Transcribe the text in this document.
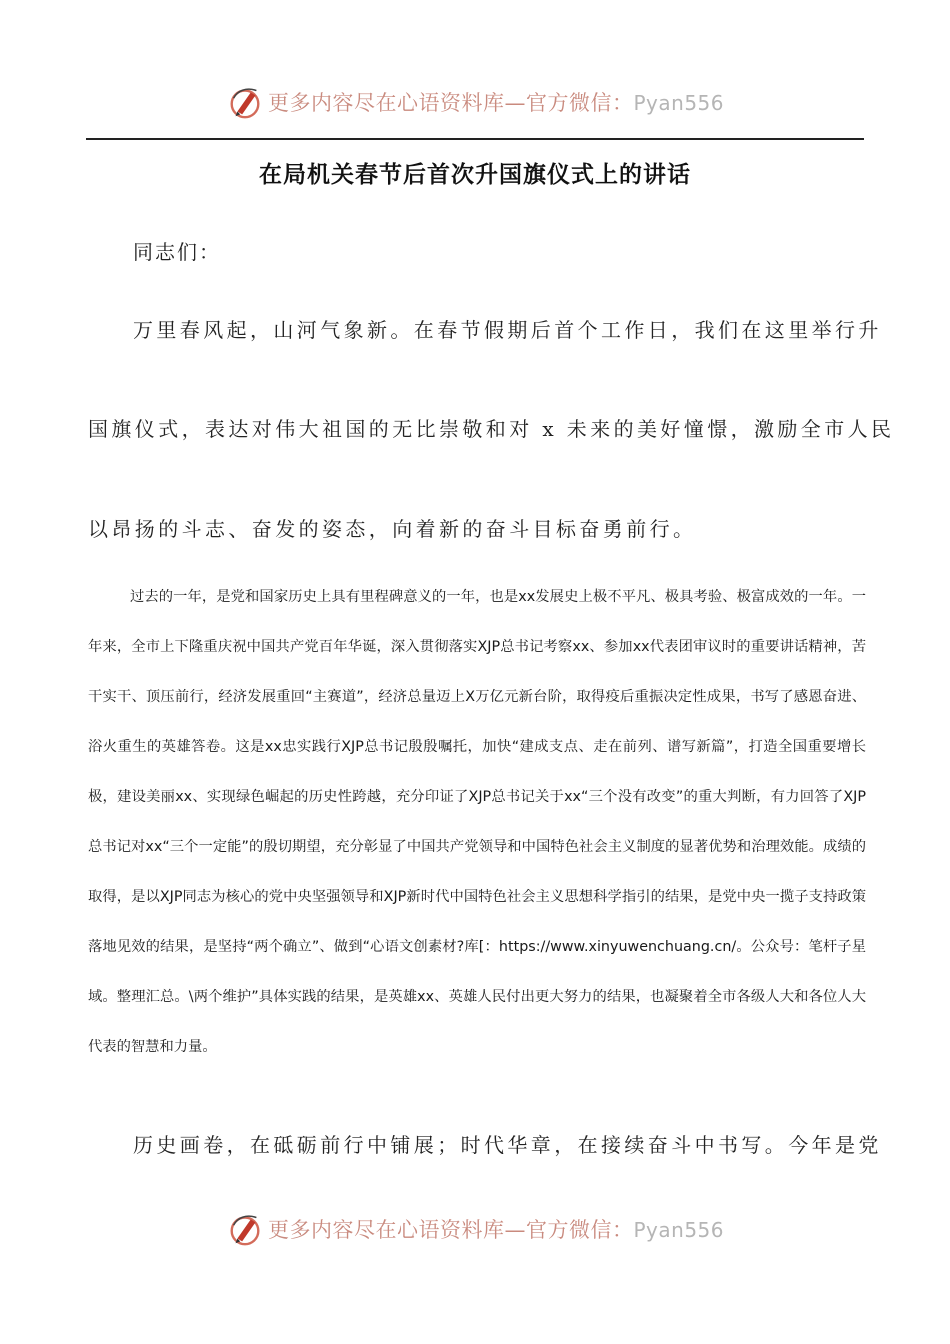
更多内容尽在心语资料库—官方微信：Pyan556
在局机关春节后首次升国旗仪式上的讲话
同志们：
万里春风起，山河气象新。在春节假期后首个工作日，我们在这里举行升
国旗仪式，表达对伟大祖国的无比崇敬和对 x 未来的美好憧憬，激励全市人民
以昂扬的斗志、奋发的姿态，向着新的奋斗目标奋勇前行。
过去的一年，是党和国家历史上具有里程碑意义的一年，也是xx发展史上极不平凡、极具考验、极富成效的一年。一年来，全市上下隆重庆祝中国共产党百年华诞，深入贯彻落实XJP总书记考察xx、参加xx代表团审议时的重要讲话精神，苦干实干、顶压前行，经济发展重回“主赛道”，经济总量迈上X万亿元新台阶，取得疫后重振决定性成果，书写了感恩奋进、浴火重生的英雄答卷。这是xx忠实践行XJP总书记殷殷嘱托，加快“建成支点、走在前列、谱写新篇”，打造全国重要增长极，建设美丽xx、实现绿色崛起的历史性跨越，充分印证了XJP总书记关于xx“三个没有改变”的重大判断，有力回答了XJP总书记对xx“三个一定能”的殷切期望，充分彰显了中国共产党领导和中国特色社会主义制度的显著优势和治理效能。成绩的取得，是以XJP同志为核心的党中央坚强领导和XJP新时代中国特色社会主义思想科学指引的结果，是党中央一揽子支持政策落地见效的结果，是坚持“两个确立”、做到“心语文创素材?库[：https://www.xinyuwenchuang.cn/。公众号：笔杆子星域。整理汇总。\两个维护”具体实践的结果，是英雄xx、英雄人民付出更大努力的结果，也凝聚着全市各级人大和各位人大代表的智慧和力量。
历史画卷，在砥砺前行中铺展；时代华章，在接续奋斗中书写。今年是党
更多内容尽在心语资料库—官方微信：Pyan556
